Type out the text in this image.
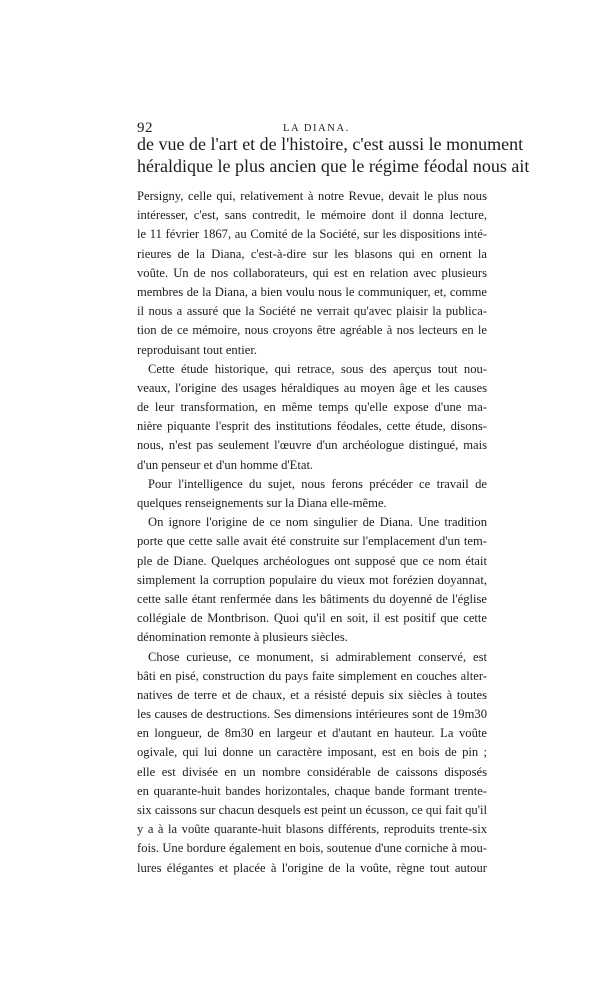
92	LA DIANA.
de vue de l'art et de l'histoire, c'est aussi le monument
héraldique le plus ancien que le régime féodal nous ait
Persigny, celle qui, relativement à notre Revue, devait le plus nous
intéresser, c'est, sans contredit, le mémoire dont il donna lecture,
le 11 février 1867, au Comité de la Société, sur les dispositions inté-
rieures de la Diana, c'est-à-dire sur les blasons qui en ornent la
voûte. Un de nos collaborateurs, qui est en relation avec plusieurs
membres de la Diana, a bien voulu nous le communiquer, et, comme
il nous a assuré que la Société ne verrait qu'avec plaisir la publica-
tion de ce mémoire, nous croyons être agréable à nos lecteurs en le
reproduisant tout entier.
Cette étude historique, qui retrace, sous des aperçus tout nou-
veaux, l'origine des usages héraldiques au moyen âge et les causes
de leur transformation, en même temps qu'elle expose d'une ma-
nière piquante l'esprit des institutions féodales, cette étude, disons-
nous, n'est pas seulement l'œuvre d'un archéologue distingué, mais
d'un penseur et d'un homme d'Etat.
Pour l'intelligence du sujet, nous ferons précéder ce travail de
quelques renseignements sur la Diana elle-même.
On ignore l'origine de ce nom singulier de Diana. Une tradition
porte que cette salle avait été construite sur l'emplacement d'un tem-
ple de Diane. Quelques archéologues ont supposé que ce nom était
simplement la corruption populaire du vieux mot forézien doyannat,
cette salle étant renfermée dans les bâtiments du doyenné de l'église
collégiale de Montbrison. Quoi qu'il en soit, il est positif que cette
dénomination remonte à plusieurs siècles.
Chose curieuse, ce monument, si admirablement conservé, est
bâti en pisé, construction du pays faite simplement en couches alter-
natives de terre et de chaux, et a résisté depuis six siècles à toutes
les causes de destructions. Ses dimensions intérieures sont de 19m30
en longueur, de 8m30 en largeur et d'autant en hauteur. La voûte
ogivale, qui lui donne un caractère imposant, est en bois de pin ;
elle est divisée en un nombre considérable de caissons disposés
en quarante-huit bandes horizontales, chaque bande formant trente-
six caissons sur chacun desquels est peint un écusson, ce qui fait qu'il
y a à la voûte quarante-huit blasons différents, reproduits trente-six
fois. Une bordure également en bois, soutenue d'une corniche à mou-
lures élégantes et placée à l'origine de la voûte, règne tout autour
